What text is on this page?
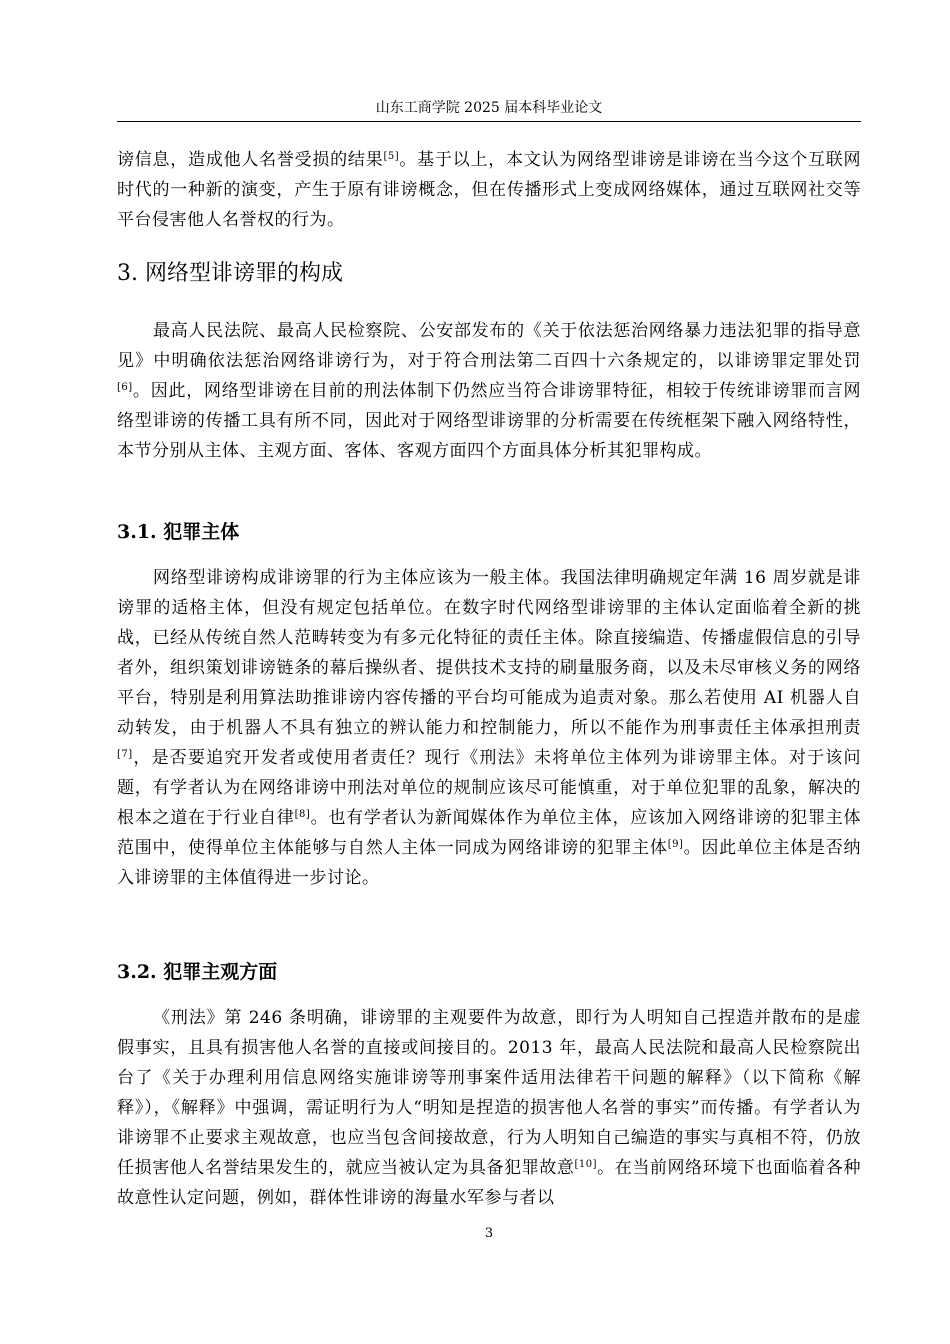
山东工商学院 2025 届本科毕业论文

谤信息，造成他人名誉受损的结果[5]。基于以上，本文认为网络型诽谤是诽谤在当今这个互联网时代的一种新的演变，产生于原有诽谤概念，但在传播形式上变成网络媒体，通过互联网社交等平台侵害他人名誉权的行为。

3. 网络型诽谤罪的构成

最高人民法院、最高人民检察院、公安部发布的《关于依法惩治网络暴力违法犯罪的指导意见》中明确依法惩治网络诽谤行为，对于符合刑法第二百四十六条规定的，以诽谤罪定罪处罚[6]。因此，网络型诽谤在目前的刑法体制下仍然应当符合诽谤罪特征，相较于传统诽谤罪而言网络型诽谤的传播工具有所不同，因此对于网络型诽谤罪的分析需要在传统框架下融入网络特性，本节分别从主体、主观方面、客体、客观方面四个方面具体分析其犯罪构成。

3.1. 犯罪主体

网络型诽谤构成诽谤罪的行为主体应该为一般主体。我国法律明确规定年满 16 周岁就是诽谤罪的适格主体，但没有规定包括单位。在数字时代网络型诽谤罪的主体认定面临着全新的挑战，已经从传统自然人范畴转变为有多元化特征的责任主体。除直接编造、传播虚假信息的引导者外，组织策划诽谤链条的幕后操纵者、提供技术支持的刷量服务商，以及未尽审核义务的网络平台，特别是利用算法助推诽谤内容传播的平台均可能成为追责对象。那么若使用 AI 机器人自动转发，由于机器人不具有独立的辨认能力和控制能力，所以不能作为刑事责任主体承担刑责[7]，是否要追究开发者或使用者责任？现行《刑法》未将单位主体列为诽谤罪主体。对于该问题，有学者认为在网络诽谤中刑法对单位的规制应该尽可能慎重，对于单位犯罪的乱象，解决的根本之道在于行业自律[8]。也有学者认为新闻媒体作为单位主体，应该加入网络诽谤的犯罪主体范围中，使得单位主体能够与自然人主体一同成为网络诽谤的犯罪主体[9]。因此单位主体是否纳入诽谤罪的主体值得进一步讨论。

3.2. 犯罪主观方面

《刑法》第 246 条明确，诽谤罪的主观要件为故意，即行为人明知自己捏造并散布的是虚假事实，且具有损害他人名誉的直接或间接目的。2013 年，最高人民法院和最高人民检察院出台了《关于办理利用信息网络实施诽谤等刑事案件适用法律若干问题的解释》（以下简称《解释》），《解释》中强调，需证明行为人“明知是捏造的损害他人名誉的事实”而传播。有学者认为诽谤罪不止要求主观故意，也应当包含间接故意，行为人明知自己编造的事实与真相不符，仍放任损害他人名誉结果发生的，就应当被认定为具备犯罪故意[10]。在当前网络环境下也面临着各种故意性认定问题，例如，群体性诽谤的海量水军参与者以

3
